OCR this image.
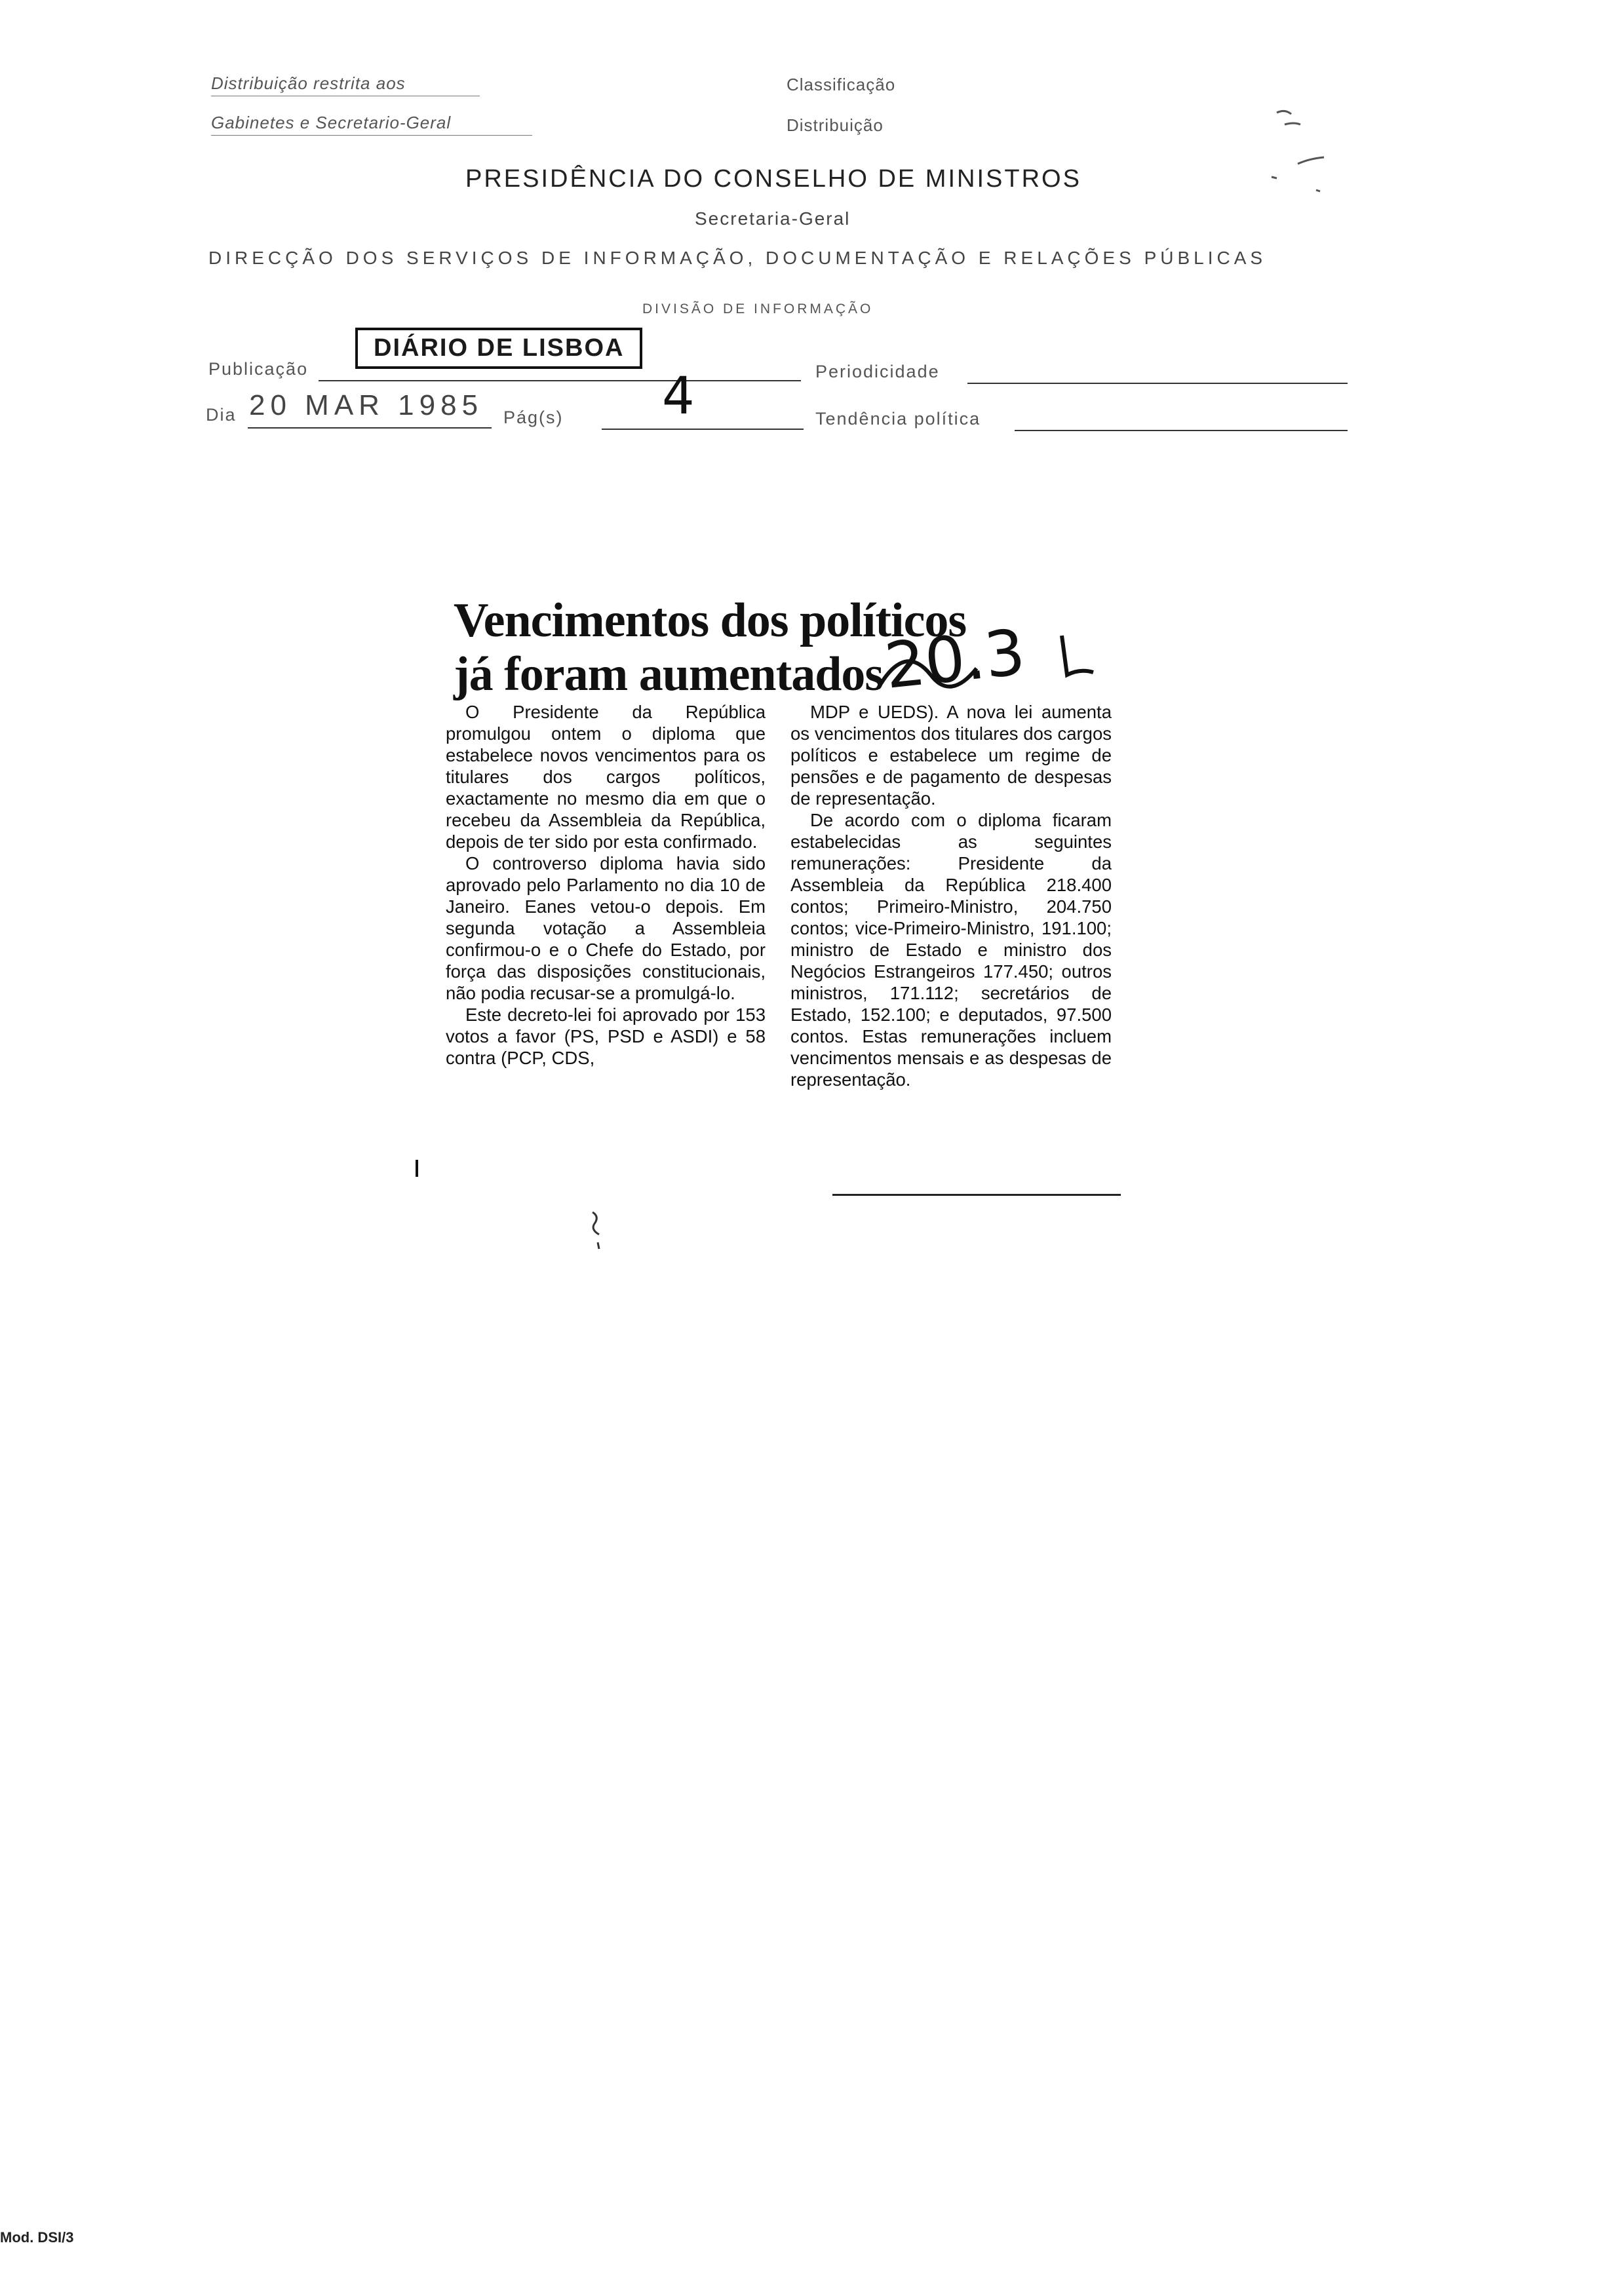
Distribuição restrita aos
Gabinetes e Secretario-Geral
Classificação
Distribuição
PRESIDÊNCIA DO CONSELHO DE MINISTROS
Secretaria-Geral
DIRECÇÃO DOS SERVIÇOS DE INFORMAÇÃO, DOCUMENTAÇÃO E RELAÇÕES PÚBLICAS
DIVISÃO DE INFORMAÇÃO
Publicação
DIÁRIO DE LISBOA
Periodicidade
Dia 20 MAR 1985 Pág(s) 4	Tendência política
Vencimentos dos políticos
já foram aumentados
20.3

O Presidente da República promulgou ontem o diploma que estabelece novos vencimentos para os titulares dos cargos políticos, exactamente no mesmo dia em que o recebeu da Assembleia da República, depois de ter sido por esta confirmado.

O controverso diploma havia sido aprovado pelo Parlamento no dia 10 de Janeiro. Eanes vetou-o depois. Em segunda votação a Assembleia confirmou-o e o Chefe do Estado, por força das disposições constitucionais, não podia recusar-se a promulgá-lo.

Este decreto-lei foi aprovado por 153 votos a favor (PS, PSD e ASDI) e 58 contra (PCP, CDS,

MDP e UEDS). A nova lei aumenta os vencimentos dos titulares dos cargos políticos e estabelece um regime de pensões e de pagamento de despesas de representação.

De acordo com o diploma ficaram estabelecidas as seguintes remunerações: Presidente da Assembleia da República 218.400 contos; Primeiro-Ministro, 204.750 contos; vice-Primeiro-Ministro, 191.100; ministro de Estado e ministro dos Negócios Estrangeiros 177.450; outros ministros, 171.112; secretários de Estado, 152.100; e deputados, 97.500 contos. Estas remunerações incluem vencimentos mensais e as despesas de representação.

Mod. DSI/3
